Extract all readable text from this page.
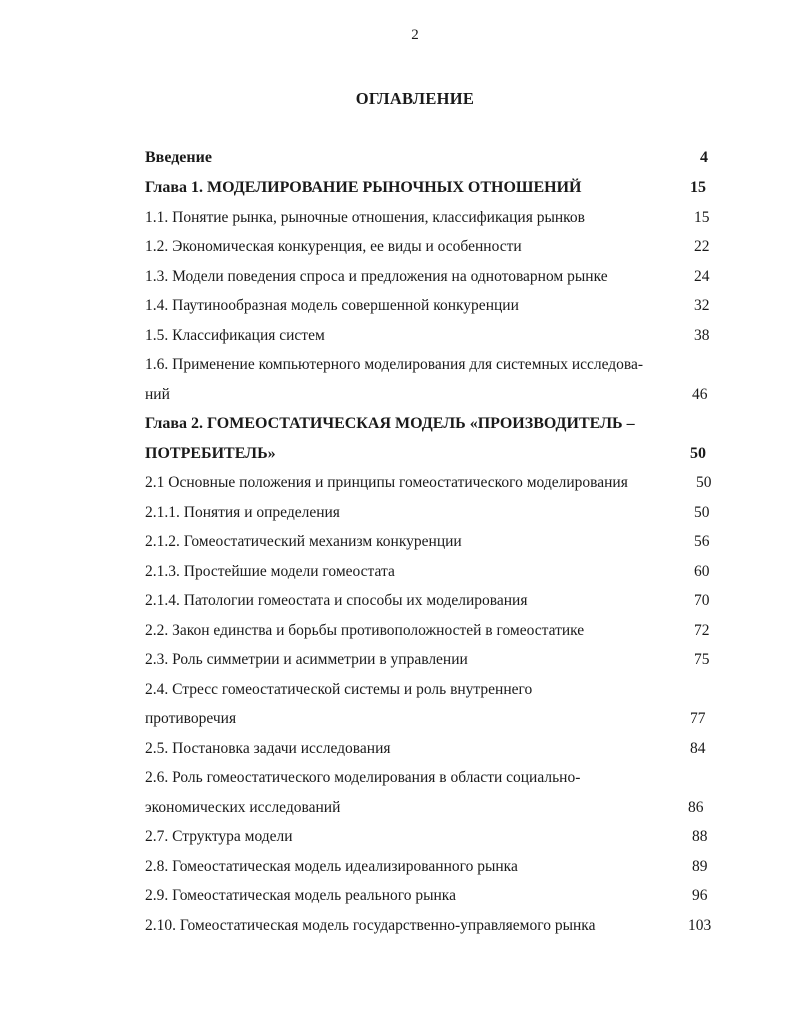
2
ОГЛАВЛЕНИЕ
Введение	4
Глава 1. МОДЕЛИРОВАНИЕ РЫНОЧНЫХ ОТНОШЕНИЙ	15
1.1. Понятие рынка, рыночные отношения, классификация рынков	15
1.2. Экономическая конкуренция, ее виды и особенности	22
1.3. Модели поведения спроса и предложения на однотоварном рынке	24
1.4. Паутинообразная модель совершенной конкуренции	32
1.5. Классификация систем	38
1.6. Применение компьютерного моделирования для системных исследова-
ний	46
Глава 2. ГОМЕОСТАТИЧЕСКАЯ МОДЕЛЬ «ПРОИЗВОДИТЕЛЬ –
ПОТРЕБИТЕЛЬ»	50
2.1 Основные положения и принципы гомеостатического моделирования	50
2.1.1. Понятия и определения	50
2.1.2. Гомеостатический механизм конкуренции	56
2.1.3. Простейшие модели гомеостата	60
2.1.4. Патологии гомеостата и способы их моделирования	70
2.2. Закон единства и борьбы противоположностей в гомеостатике	72
2.3. Роль симметрии и асимметрии в управлении	75
2.4. Стресс гомеостатической системы и роль внутреннего
противоречия	77
2.5. Постановка задачи исследования	84
2.6. Роль гомеостатического моделирования в области социально-
экономических исследований	86
2.7. Структура модели	88
2.8. Гомеостатическая модель идеализированного рынка	89
2.9. Гомеостатическая модель реального рынка	96
2.10. Гомеостатическая модель государственно-управляемого рынка	103
